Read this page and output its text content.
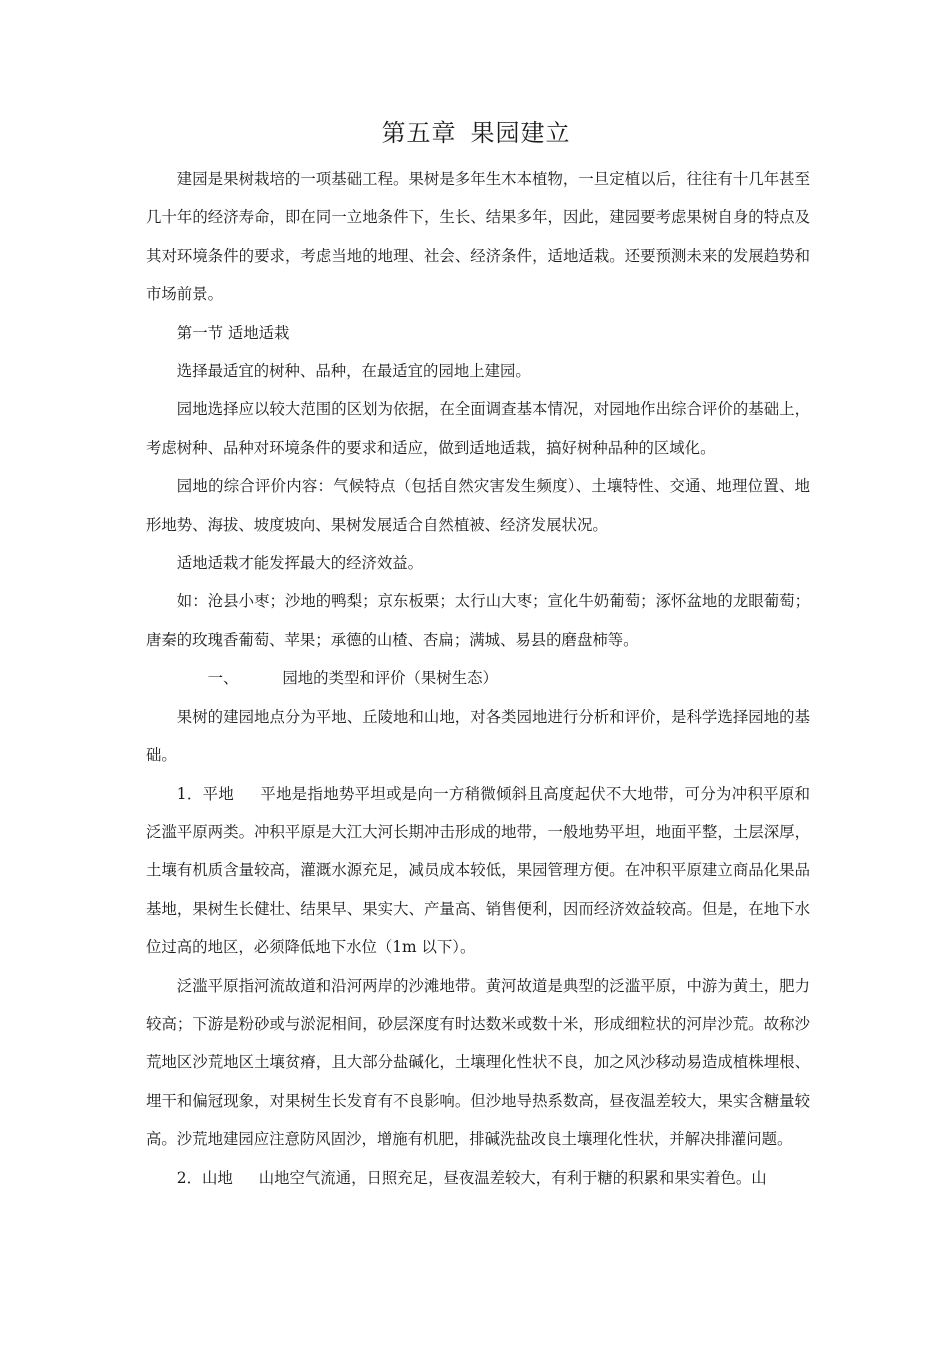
第五章 果园建立

建园是果树栽培的一项基础工程。果树是多年生木本植物，一旦定植以后，往往有十几年甚至几十年的经济寿命，即在同一立地条件下，生长、结果多年，因此，建园要考虑果树自身的特点及其对环境条件的要求，考虑当地的地理、社会、经济条件，适地适栽。还要预测未来的发展趋势和市场前景。

第一节 适地适栽

选择最适宜的树种、品种，在最适宜的园地上建园。

园地选择应以较大范围的区划为依据，在全面调查基本情况，对园地作出综合评价的基础上，考虑树种、品种对环境条件的要求和适应，做到适地适栽，搞好树种品种的区域化。

园地的综合评价内容：气候特点（包括自然灾害发生频度）、土壤特性、交通、地理位置、地形地势、海拔、坡度坡向、果树发展适合自然植被、经济发展状况。

适地适栽才能发挥最大的经济效益。

如：沧县小枣；沙地的鸭梨；京东板栗；太行山大枣；宣化牛奶葡萄；涿怀盆地的龙眼葡萄；唐秦的玫瑰香葡萄、苹果；承德的山楂、杏扁；满城、易县的磨盘柿等。

一、	园地的类型和评价（果树生态）

果树的建园地点分为平地、丘陵地和山地，对各类园地进行分析和评价，是科学选择园地的基础。

1．平地 平地是指地势平坦或是向一方稍微倾斜且高度起伏不大地带，可分为冲积平原和泛滥平原两类。冲积平原是大江大河长期冲击形成的地带，一般地势平坦，地面平整，土层深厚，土壤有机质含量较高，灌溉水源充足，减员成本较低，果园管理方便。在冲积平原建立商品化果品基地，果树生长健壮、结果早、果实大、产量高、销售便利，因而经济效益较高。但是，在地下水位过高的地区，必须降低地下水位（1m 以下）。

泛滥平原指河流故道和沿河两岸的沙滩地带。黄河故道是典型的泛滥平原，中游为黄土，肥力较高；下游是粉砂或与淤泥相间，砂层深度有时达数米或数十米，形成细粒状的河岸沙荒。故称沙荒地区沙荒地区土壤贫瘠，且大部分盐碱化，土壤理化性状不良，加之风沙移动易造成植株埋根、埋干和偏冠现象，对果树生长发育有不良影响。但沙地导热系数高，昼夜温差较大，果实含糖量较高。沙荒地建园应注意防风固沙，增施有机肥，排碱洗盐改良土壤理化性状，并解决排灌问题。

2．山地 山地空气流通，日照充足，昼夜温差较大，有利于糖的积累和果实着色。山
